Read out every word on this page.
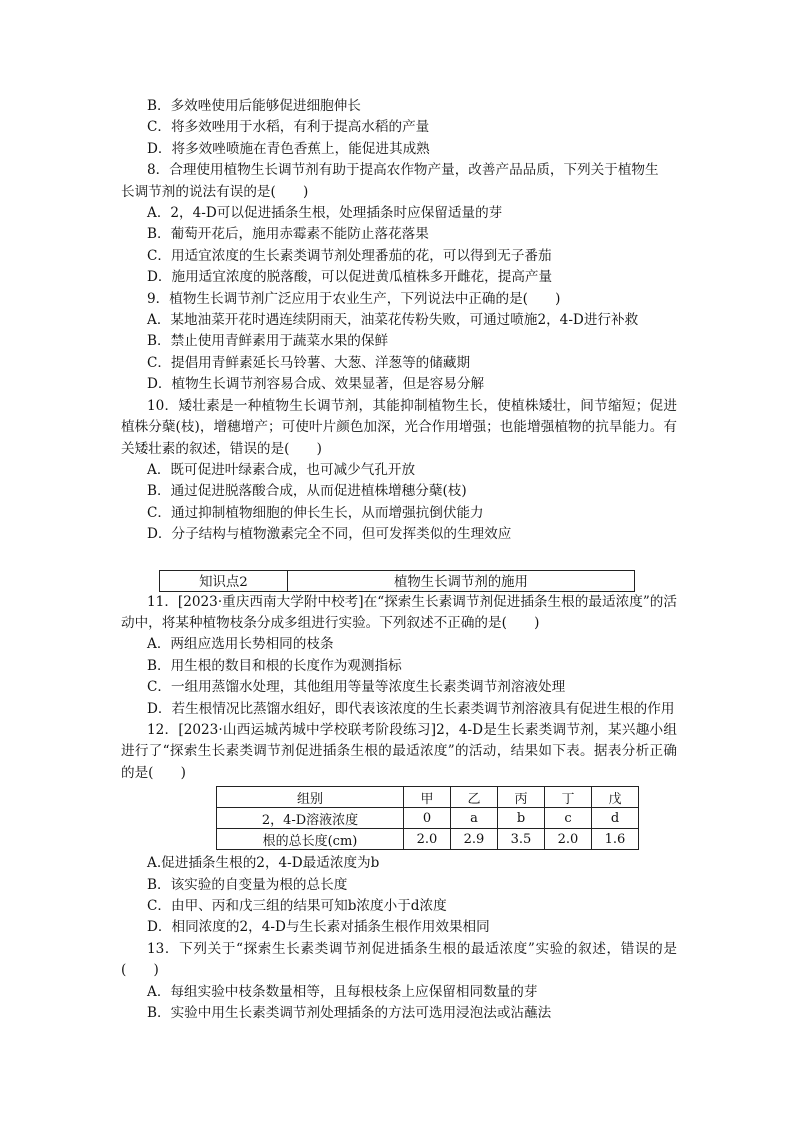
B．多效唑使用后能够促进细胞伸长
C．将多效唑用于水稻，有利于提高水稻的产量
D．将多效唑喷施在青色香蕉上，能促进其成熟
8．合理使用植物生长调节剂有助于提高农作物产量，改善产品品质，下列关于植物生
长调节剂的说法有误的是(　　)
A．2，4-D可以促进插条生根，处理插条时应保留适量的芽
B．葡萄开花后，施用赤霉素不能防止落花落果
C．用适宜浓度的生长素类调节剂处理番茄的花，可以得到无子番茄
D．施用适宜浓度的脱落酸，可以促进黄瓜植株多开雌花，提高产量
9．植物生长调节剂广泛应用于农业生产，下列说法中正确的是(　　)
A．某地油菜开花时遇连续阴雨天，油菜花传粉失败，可通过喷施2，4-D进行补救
B．禁止使用青鲜素用于蔬菜水果的保鲜
C．提倡用青鲜素延长马铃薯、大葱、洋葱等的储藏期
D．植物生长调节剂容易合成、效果显著，但是容易分解
10．矮壮素是一种植物生长调节剂，其能抑制植物生长，使植株矮壮，间节缩短；促进植株分蘖(枝)，增穗增产；可使叶片颜色加深，光合作用增强；也能增强植物的抗旱能力。有关矮壮素的叙述，错误的是(　　)
A．既可促进叶绿素合成，也可减少气孔开放
B．通过促进脱落酸合成，从而促进植株增穗分蘖(枝)
C．通过抑制植物细胞的伸长生长，从而增强抗倒伏能力
D．分子结构与植物激素完全不同，但可发挥类似的生理效应
知识点2	植物生长调节剂的施用
11．[2023·重庆西南大学附中校考]在“探索生长素调节剂促进插条生根的最适浓度”的活动中，将某种植物枝条分成多组进行实验。下列叙述不正确的是(　　)
A．两组应选用长势相同的枝条
B．用生根的数目和根的长度作为观测指标
C．一组用蒸馏水处理，其他组用等量等浓度生长素类调节剂溶液处理
D．若生根情况比蒸馏水组好，即代表该浓度的生长素类调节剂溶液具有促进生根的作用
12．[2023·山西运城芮城中学校联考阶段练习]2，4-D是生长素类调节剂，某兴趣小组进行了“探索生长素类调节剂促进插条生根的最适浓度”的活动，结果如下表。据表分析正确的是(　　)
组别	甲	乙	丙	丁	戊
2，4-D溶液浓度	0	a	b	c	d
根的总长度(cm)	2.0	2.9	3.5	2.0	1.6
A.促进插条生根的2，4-D最适浓度为b
B．该实验的自变量为根的总长度
C．由甲、丙和戊三组的结果可知b浓度小于d浓度
D．相同浓度的2，4-D与生长素对插条生根作用效果相同
13．下列关于“探索生长素类调节剂促进插条生根的最适浓度”实验的叙述，错误的是(　　)
A．每组实验中枝条数量相等，且每根枝条上应保留相同数量的芽
B．实验中用生长素类调节剂处理插条的方法可选用浸泡法或沾蘸法
